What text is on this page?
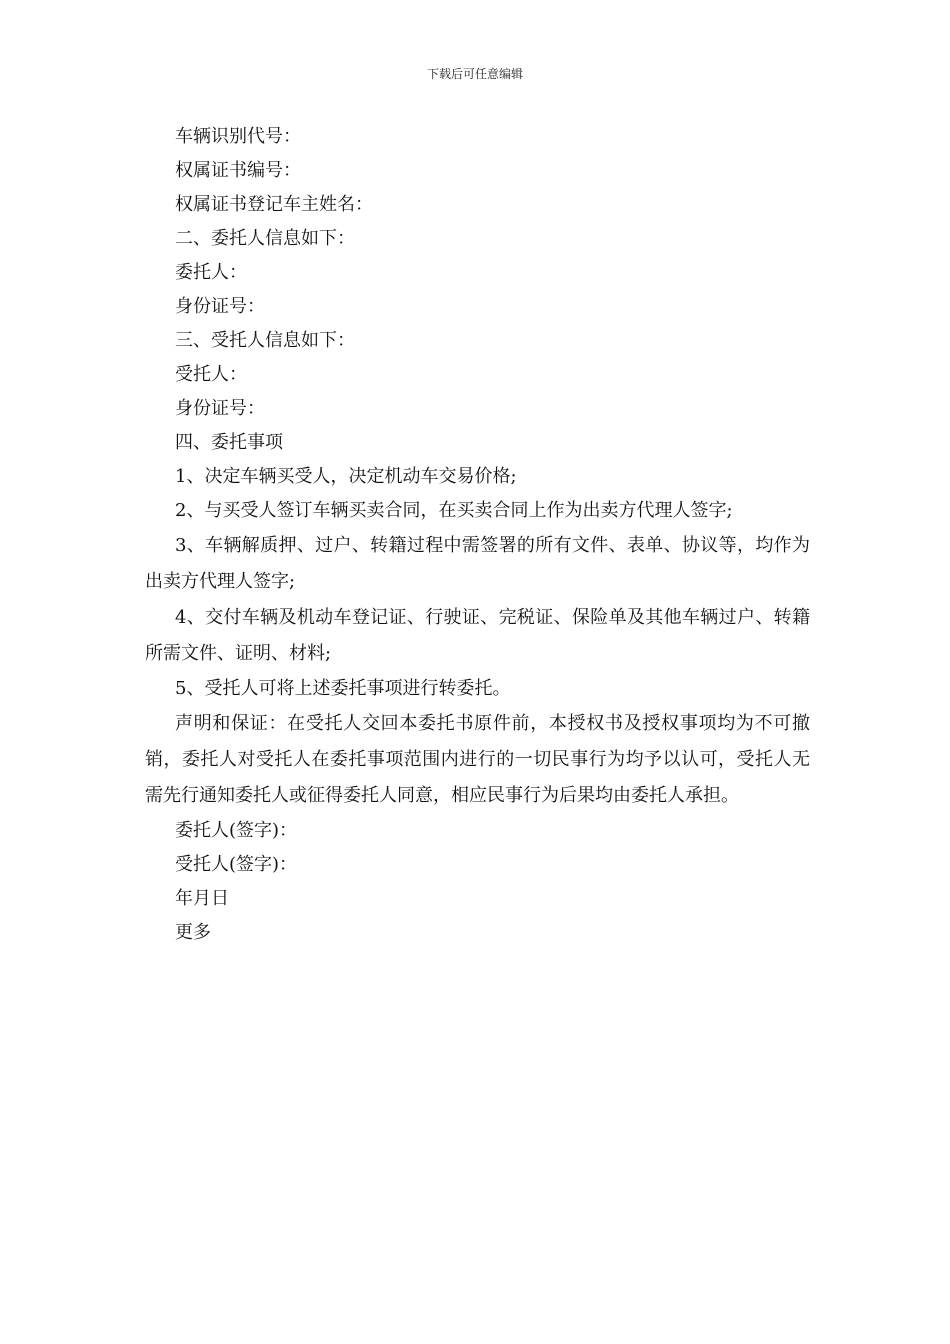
下载后可任意编辑

车辆识别代号：

权属证书编号：

权属证书登记车主姓名：

二、委托人信息如下：

委托人：

身份证号：

三、受托人信息如下：

受托人：

身份证号：

四、委托事项

1、决定车辆买受人，决定机动车交易价格;

2、与买受人签订车辆买卖合同，在买卖合同上作为出卖方代理人签字;

3、车辆解质押、过户、转籍过程中需签署的所有文件、表单、协议等，均作为出卖方代理人签字;

4、交付车辆及机动车登记证、行驶证、完税证、保险单及其他车辆过户、转籍所需文件、证明、材料;

5、受托人可将上述委托事项进行转委托。

声明和保证：在受托人交回本委托书原件前，本授权书及授权事项均为不可撤销，委托人对受托人在委托事项范围内进行的一切民事行为均予以认可，受托人无需先行通知委托人或征得委托人同意，相应民事行为后果均由委托人承担。

委托人(签字)：

受托人(签字)：

年月日

更多
